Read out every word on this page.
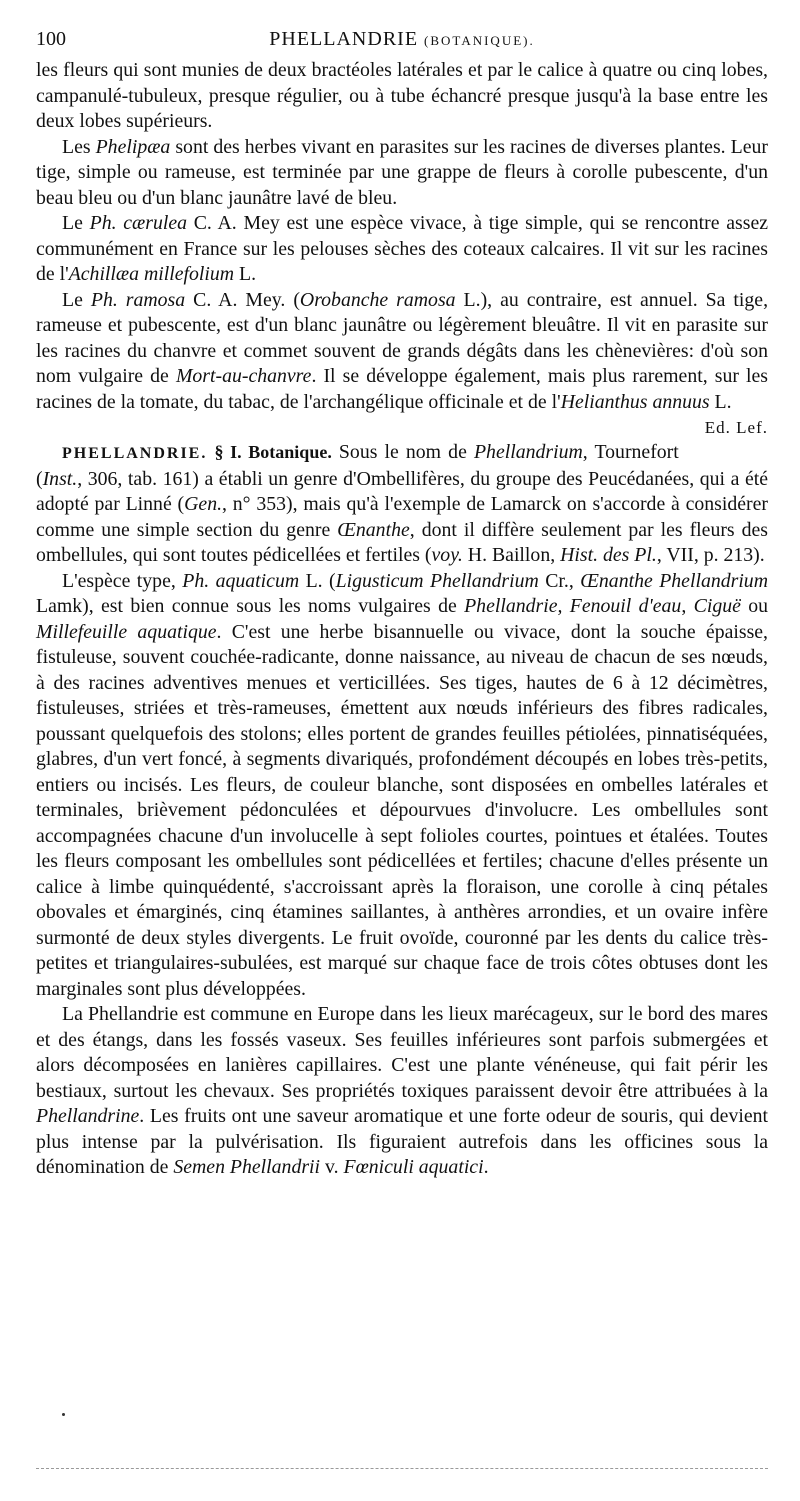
100	PHELLANDRIE (BOTANIQUE).

les fleurs qui sont munies de deux bractéoles latérales et par le calice à quatre ou cinq lobes, campanulé-tubuleux, presque régulier, ou à tube échancré presque jusqu'à la base entre les deux lobes supérieurs.

Les Phelipæa sont des herbes vivant en parasites sur les racines de diverses plantes. Leur tige, simple ou rameuse, est terminée par une grappe de fleurs à corolle pubescente, d'un beau bleu ou d'un blanc jaunâtre lavé de bleu.

Le Ph. cærulea C. A. Mey est une espèce vivace, à tige simple, qui se rencontre assez communément en France sur les pelouses sèches des coteaux calcaires. Il vit sur les racines de l'Achillæa millefolium L.

Le Ph. ramosa C. A. Mey. (Orobanche ramosa L.), au contraire, est annuel. Sa tige, rameuse et pubescente, est d'un blanc jaunâtre ou légèrement bleuâtre. Il vit en parasite sur les racines du chanvre et commet souvent de grands dégâts dans les chènevières: d'où son nom vulgaire de Mort-au-chanvre. Il se développe également, mais plus rarement, sur les racines de la tomate, du tabac, de l'archangélique officinale et de l'Helianthus annuus L.
Ed. Lef.

PHELLANDRIE. § I. Botanique. Sous le nom de Phellandrium, Tournefort (Inst., 306, tab. 161) a établi un genre d'Ombellifères, du groupe des Peucédanées, qui a été adopté par Linné (Gen., n° 353), mais qu'à l'exemple de Lamarck on s'accorde à considérer comme une simple section du genre Œnanthe, dont il diffère seulement par les fleurs des ombellules, qui sont toutes pédicellées et fertiles (voy. H. Baillon, Hist. des Pl., VII, p. 213).

L'espèce type, Ph. aquaticum L. (Ligusticum Phellandrium Cr., Œnanthe Phellandrium Lamk), est bien connue sous les noms vulgaires de Phellandrie, Fenouil d'eau, Ciguë ou Millefeuille aquatique. C'est une herbe bisannuelle ou vivace, dont la souche épaisse, fistuleuse, souvent couchée-radicante, donne naissance, au niveau de chacun de ses nœuds, à des racines adventives menues et verticillées. Ses tiges, hautes de 6 à 12 décimètres, fistuleuses, striées et très-rameuses, émettent aux nœuds inférieurs des fibres radicales, poussant quelquefois des stolons; elles portent de grandes feuilles pétiolées, pinnatiséquées, glabres, d'un vert foncé, à segments divariqués, profondément découpés en lobes très-petits, entiers ou incisés. Les fleurs, de couleur blanche, sont disposées en ombelles latérales et terminales, brièvement pédonculées et dépourvues d'involucre. Les ombellules sont accompagnées chacune d'un involucelle à sept folioles courtes, pointues et étalées. Toutes les fleurs composant les ombellules sont pédicellées et fertiles; chacune d'elles présente un calice à limbe quinquédenté, s'accroissant après la floraison, une corolle à cinq pétales obovales et émarginés, cinq étamines saillantes, à anthères arrondies, et un ovaire infère surmonté de deux styles divergents. Le fruit ovoïde, couronné par les dents du calice très-petites et triangulaires-subulées, est marqué sur chaque face de trois côtes obtuses dont les marginales sont plus développées.

La Phellandrie est commune en Europe dans les lieux marécageux, sur le bord des mares et des étangs, dans les fossés vaseux. Ses feuilles inférieures sont parfois submergées et alors décomposées en lanières capillaires. C'est une plante vénéneuse, qui fait périr les bestiaux, surtout les chevaux. Ses propriétés toxiques paraissent devoir être attribuées à la Phellandrine. Les fruits ont une saveur aromatique et une forte odeur de souris, qui devient plus intense par la pulvérisation. Ils figuraient autrefois dans les officines sous la dénomination de Semen Phellandrii v. Fœniculi aquatici.
